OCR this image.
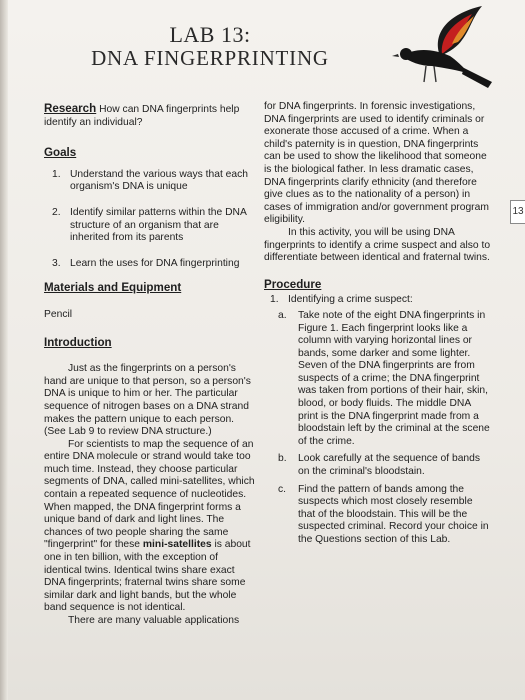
LAB 13:
DNA FINGERPRINTING
13
Research How can DNA fingerprints help identify an individual?
Goals
1. Understand the various ways that each organism's DNA is unique
2. Identify similar patterns within the DNA structure of an organism that are inherited from its parents
3. Learn the uses for DNA fingerprinting
Materials and Equipment
Pencil
Introduction

Just as the fingerprints on a person's hand are unique to that person, so a person's DNA is unique to him or her. The particular sequence of nitrogen bases on a DNA strand makes the pattern unique to each person. (See Lab 9 to review DNA structure.)

For scientists to map the sequence of an entire DNA molecule or strand would take too much time. Instead, they choose particular segments of DNA, called mini-satellites, which contain a repeated sequence of nucleotides. When mapped, the DNA fingerprint forms a unique band of dark and light lines. The chances of two people sharing the same "fingerprint" for these mini-satellites is about one in ten billion, with the exception of identical twins. Identical twins share exact DNA fingerprints; fraternal twins share some similar dark and light bands, but the whole band sequence is not identical.

There are many valuable applications

for DNA fingerprints. In forensic investigations, DNA fingerprints are used to identify criminals or exonerate those accused of a crime. When a child's paternity is in question, DNA fingerprints can be used to show the likelihood that someone is the biological father. In less dramatic cases, DNA fingerprints clarify ethnicity (and therefore give clues as to the nationality of a person) in cases of immigration and/or government program eligibility.

In this activity, you will be using DNA fingerprints to identify a crime suspect and also to differentiate between identical and fraternal twins.

Procedure
1. Identifying a crime suspect:
a.	Take note of the eight DNA fingerprints in Figure 1. Each fingerprint looks like a column with varying horizontal lines or bands, some darker and some lighter. Seven of the DNA fingerprints are from suspects of a crime; the DNA fingerprint was taken from portions of their hair, skin, blood, or body fluids. The middle DNA print is the DNA fingerprint made from a bloodstain left by the criminal at the scene of the crime.
b.	Look carefully at the sequence of bands on the criminal's bloodstain.
c.	Find the pattern of bands among the suspects which most closely resemble that of the bloodstain. This will be the suspected criminal. Record your choice in the Questions section of this Lab.
